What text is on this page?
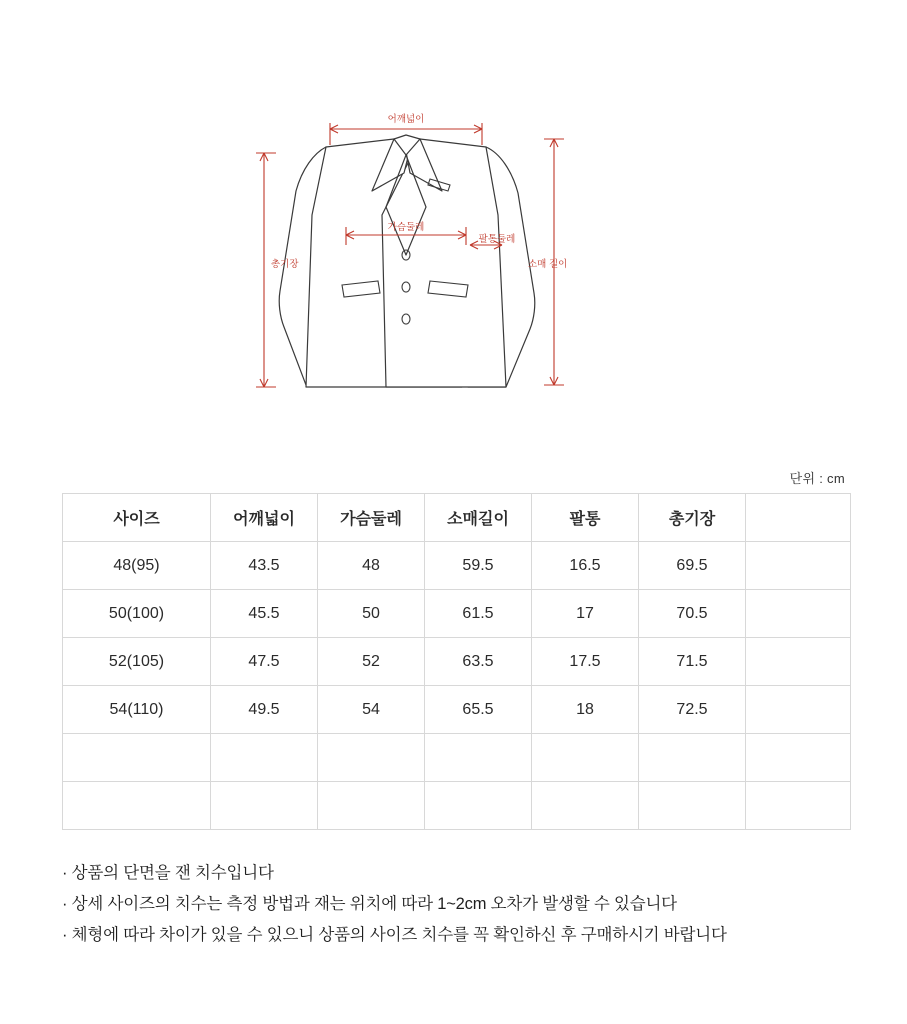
어깨넓이
가슴둘레
팔통둘레
소매 길이
총기장
단위 : cm
사이즈	어깨넓이	가슴둘레	소매길이	팔통	총기장	
48(95)	43.5	48	59.5	16.5	69.5	
50(100)	45.5	50	61.5	17	70.5	
52(105)	47.5	52	63.5	17.5	71.5	
54(110)	49.5	54	65.5	18	72.5	

· 상품의 단면을 잰 치수입니다
· 상세 사이즈의 치수는 측정 방법과 재는 위치에 따라 1~2cm 오차가 발생할 수 있습니다
· 체형에 따라 차이가 있을 수 있으니 상품의 사이즈 치수를 꼭 확인하신 후 구매하시기 바랍니다
